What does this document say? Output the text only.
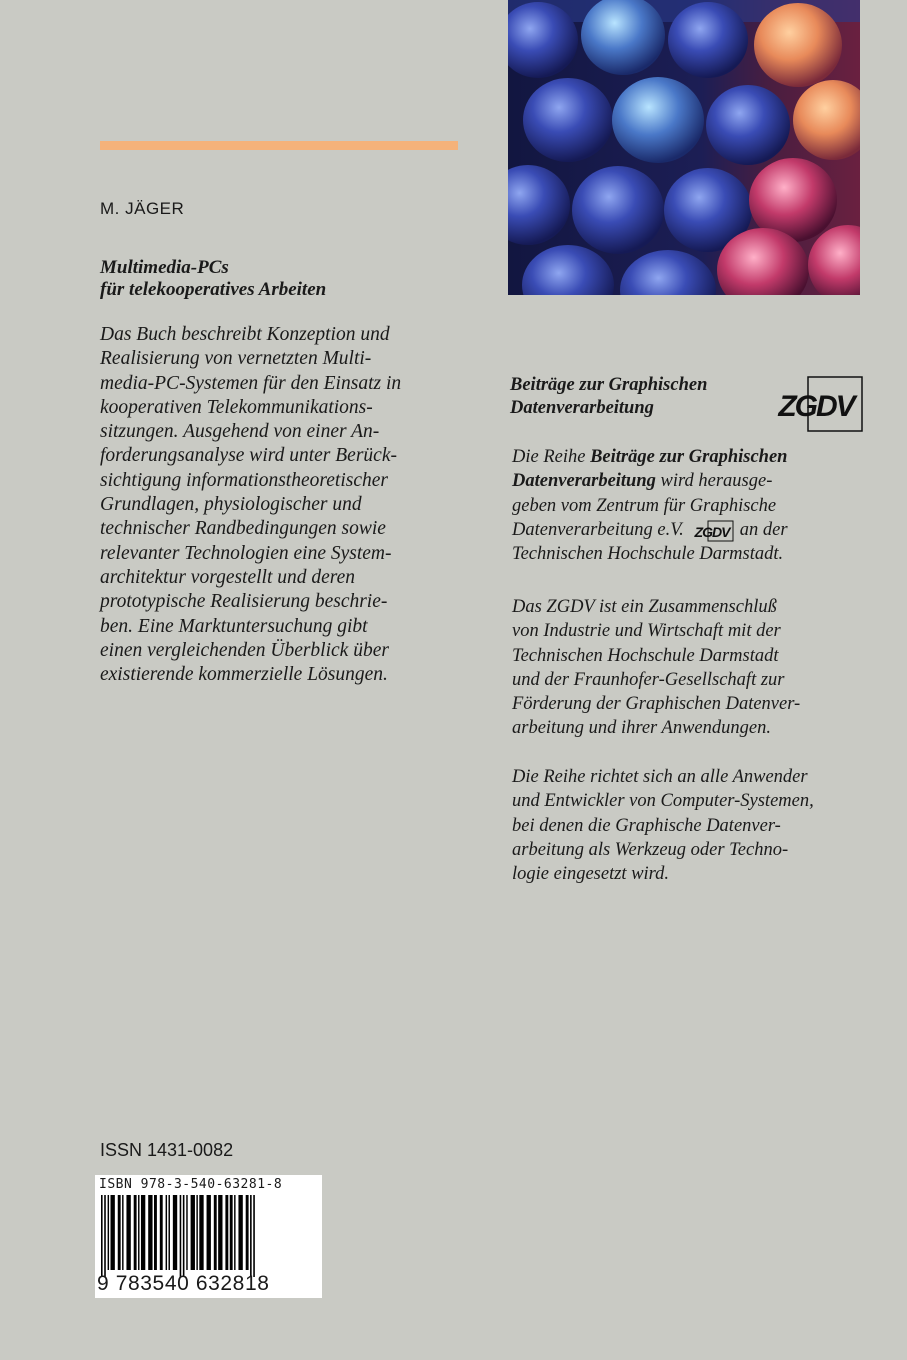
M. JÄGER
Multimedia-PCs
für telekooperatives Arbeiten
Das Buch beschreibt Konzeption und
Realisierung von vernetzten Multi-
media-PC-Systemen für den Einsatz in
kooperativen Telekommunikations-
sitzungen. Ausgehend von einer An-
forderungsanalyse wird unter Berück-
sichtigung informationstheoretischer
Grundlagen, physiologischer und
technischer Randbedingungen sowie
relevanter Technologien eine System-
architektur vorgestellt und deren
prototypische Realisierung beschrie-
ben. Eine Marktuntersuchung gibt
einen vergleichenden Überblick über
existierende kommerzielle Lösungen.
Beiträge zur Graphischen
Datenverarbeitung	ZGDV
Die Reihe Beiträge zur Graphischen
Datenverarbeitung wird herausge-
geben vom Zentrum für Graphische
Datenverarbeitung e.V. ZGDV an der
Technischen Hochschule Darmstadt.
Das ZGDV ist ein Zusammenschluß
von Industrie und Wirtschaft mit der
Technischen Hochschule Darmstadt
und der Fraunhofer-Gesellschaft zur
Förderung der Graphischen Datenver-
arbeitung und ihrer Anwendungen.
Die Reihe richtet sich an alle Anwender
und Entwickler von Computer-Systemen,
bei denen die Graphische Datenver-
arbeitung als Werkzeug oder Techno-
logie eingesetzt wird.
ISSN 1431-0082
ISBN 978-3-540-63281-8
9 783540 632818
